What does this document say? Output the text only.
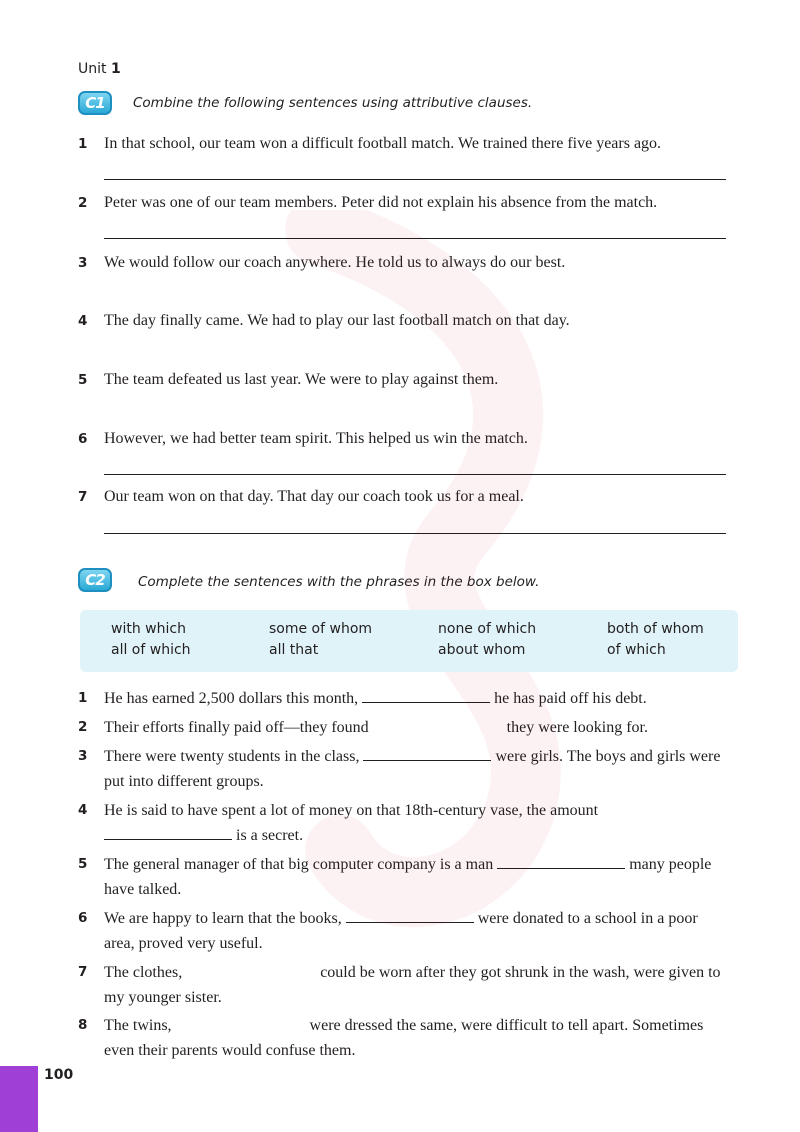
Unit 1
C1	Combine the following sentences using attributive clauses.
1 In that school, our team won a difficult football match. We trained there five years ago.
2 Peter was one of our team members. Peter did not explain his absence from the match.
3 We would follow our coach anywhere. He told us to always do our best.
4 The day finally came. We had to play our last football match on that day.
5 The team defeated us last year. We were to play against them.
6 However, we had better team spirit. This helped us win the match.
7 Our team won on that day. That day our coach took us for a meal.
C2	Complete the sentences with the phrases in the box below.
with which	some of whom	none of which	both of whom
all of which	all that	about whom	of which
1 He has earned 2,500 dollars this month,	he has paid off his debt.
2 Their efforts finally paid off—they found	they were looking for.
3 There were twenty students in the class,	were girls. The boys and girls were put into different groups.
4 He is said to have spent a lot of money on that 18th-century vase, the amount
is a secret.
5 The general manager of that big computer company is a man	many people have talked.
6 We are happy to learn that the books,	were donated to a school in a poor area, proved very useful.
7 The clothes,	could be worn after they got shrunk in the wash, were given to my younger sister.
8 The twins,	were dressed the same, were difficult to tell apart. Sometimes even their parents would confuse them.
100
